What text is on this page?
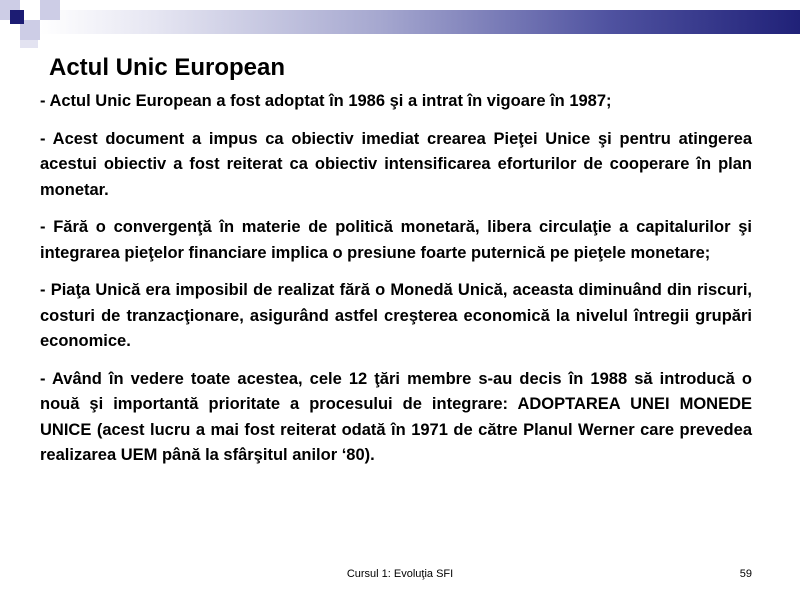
Actul Unic European

- Actul Unic European a fost adoptat în 1986 şi a intrat în vigoare în 1987;

- Acest document a impus ca obiectiv imediat crearea Pieţei Unice şi pentru atingerea acestui obiectiv a fost reiterat ca obiectiv intensificarea eforturilor de cooperare în plan monetar.

- Fără o convergenţă în materie de politică monetară, libera circulaţie a capitalurilor şi integrarea pieţelor financiare implica o presiune foarte puternică pe pieţele monetare;

- Piaţa Unică era imposibil de realizat fără o Monedă Unică, aceasta diminuând din riscuri, costuri de tranzacţionare, asigurând astfel creşterea economică la nivelul întregii grupări economice.

- Având în vedere toate acestea, cele 12 ţări membre s-au decis în 1988 să introducă o nouă şi importantă prioritate a procesului de integrare: ADOPTAREA UNEI MONEDE UNICE (acest lucru a mai fost reiterat odată în 1971 de către Planul Werner care prevedea realizarea UEM până la sfârşitul anilor ‘80).

Cursul 1: Evoluţia SFI	59
